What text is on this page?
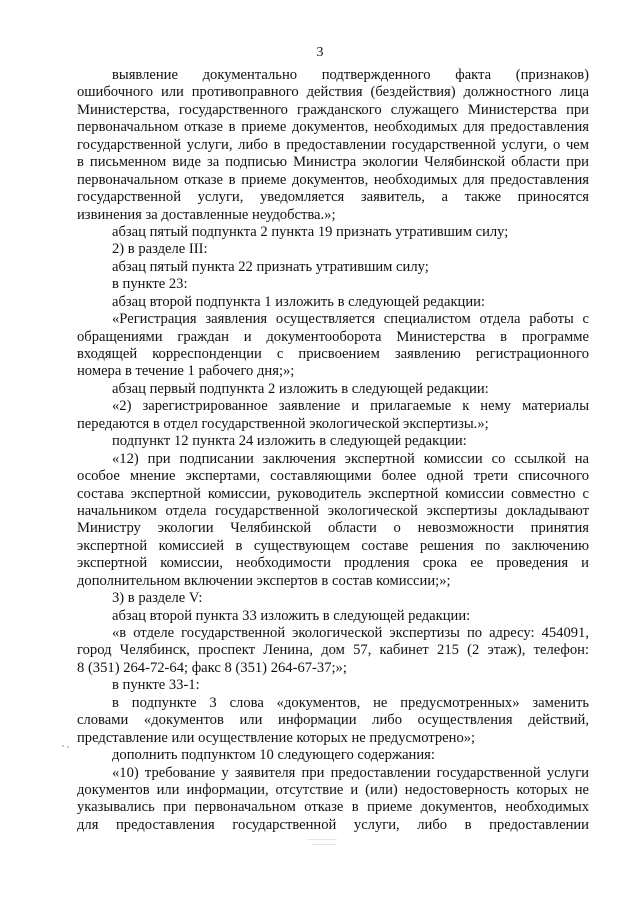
3
выявление документально подтвержденного факта (признаков)
ошибочного или противоправного действия (бездействия) должностного лица
Министерства, государственного гражданского служащего Министерства при
первоначальном отказе в приеме документов, необходимых для предоставления
государственной услуги, либо в предоставлении государственной услуги, о чем
в письменном виде за подписью Министра экологии Челябинской области при
первоначальном отказе в приеме документов, необходимых для предоставления
государственной услуги, уведомляется заявитель, а также приносятся
извинения за доставленные неудобства.»;
абзац пятый подпункта 2 пункта 19 признать утратившим силу;
2) в разделе III:
абзац пятый пункта 22 признать утратившим силу;
в пункте 23:
абзац второй подпункта 1 изложить в следующей редакции:
«Регистрация заявления осуществляется специалистом отдела работы с
обращениями граждан и документооборота Министерства в программе
входящей корреспонденции с присвоением заявлению регистрационного
номера в течение 1 рабочего дня;»;
абзац первый подпункта 2 изложить в следующей редакции:
«2) зарегистрированное заявление и прилагаемые к нему материалы
передаются в отдел государственной экологической экспертизы.»;
подпункт 12 пункта 24 изложить в следующей редакции:
«12) при подписании заключения экспертной комиссии со ссылкой на
особое мнение экспертами, составляющими более одной трети списочного
состава экспертной комиссии, руководитель экспертной комиссии совместно с
начальником отдела государственной экологической экспертизы докладывают
Министру экологии Челябинской области о невозможности принятия
экспертной комиссией в существующем составе решения по заключению
экспертной комиссии, необходимости продления срока ее проведения и
дополнительном включении экспертов в состав комиссии;»;
3) в разделе V:
абзац второй пункта 33 изложить в следующей редакции:
«в отделе государственной экологической экспертизы по адресу: 454091,
город Челябинск, проспект Ленина, дом 57, кабинет 215 (2 этаж), телефон:
8 (351) 264-72-64; факс 8 (351) 264-67-37;»;
в пункте 33-1:
в подпункте 3 слова «документов, не предусмотренных» заменить
словами «документов или информации либо осуществления действий,
представление или осуществление которых не предусмотрено»;
дополнить подпунктом 10 следующего содержания:
«10) требование у заявителя при предоставлении государственной услуги
документов или информации, отсутствие и (или) недостоверность которых не
указывались при первоначальном отказе в приеме документов, необходимых
для предоставления государственной услуги, либо в предоставлении
